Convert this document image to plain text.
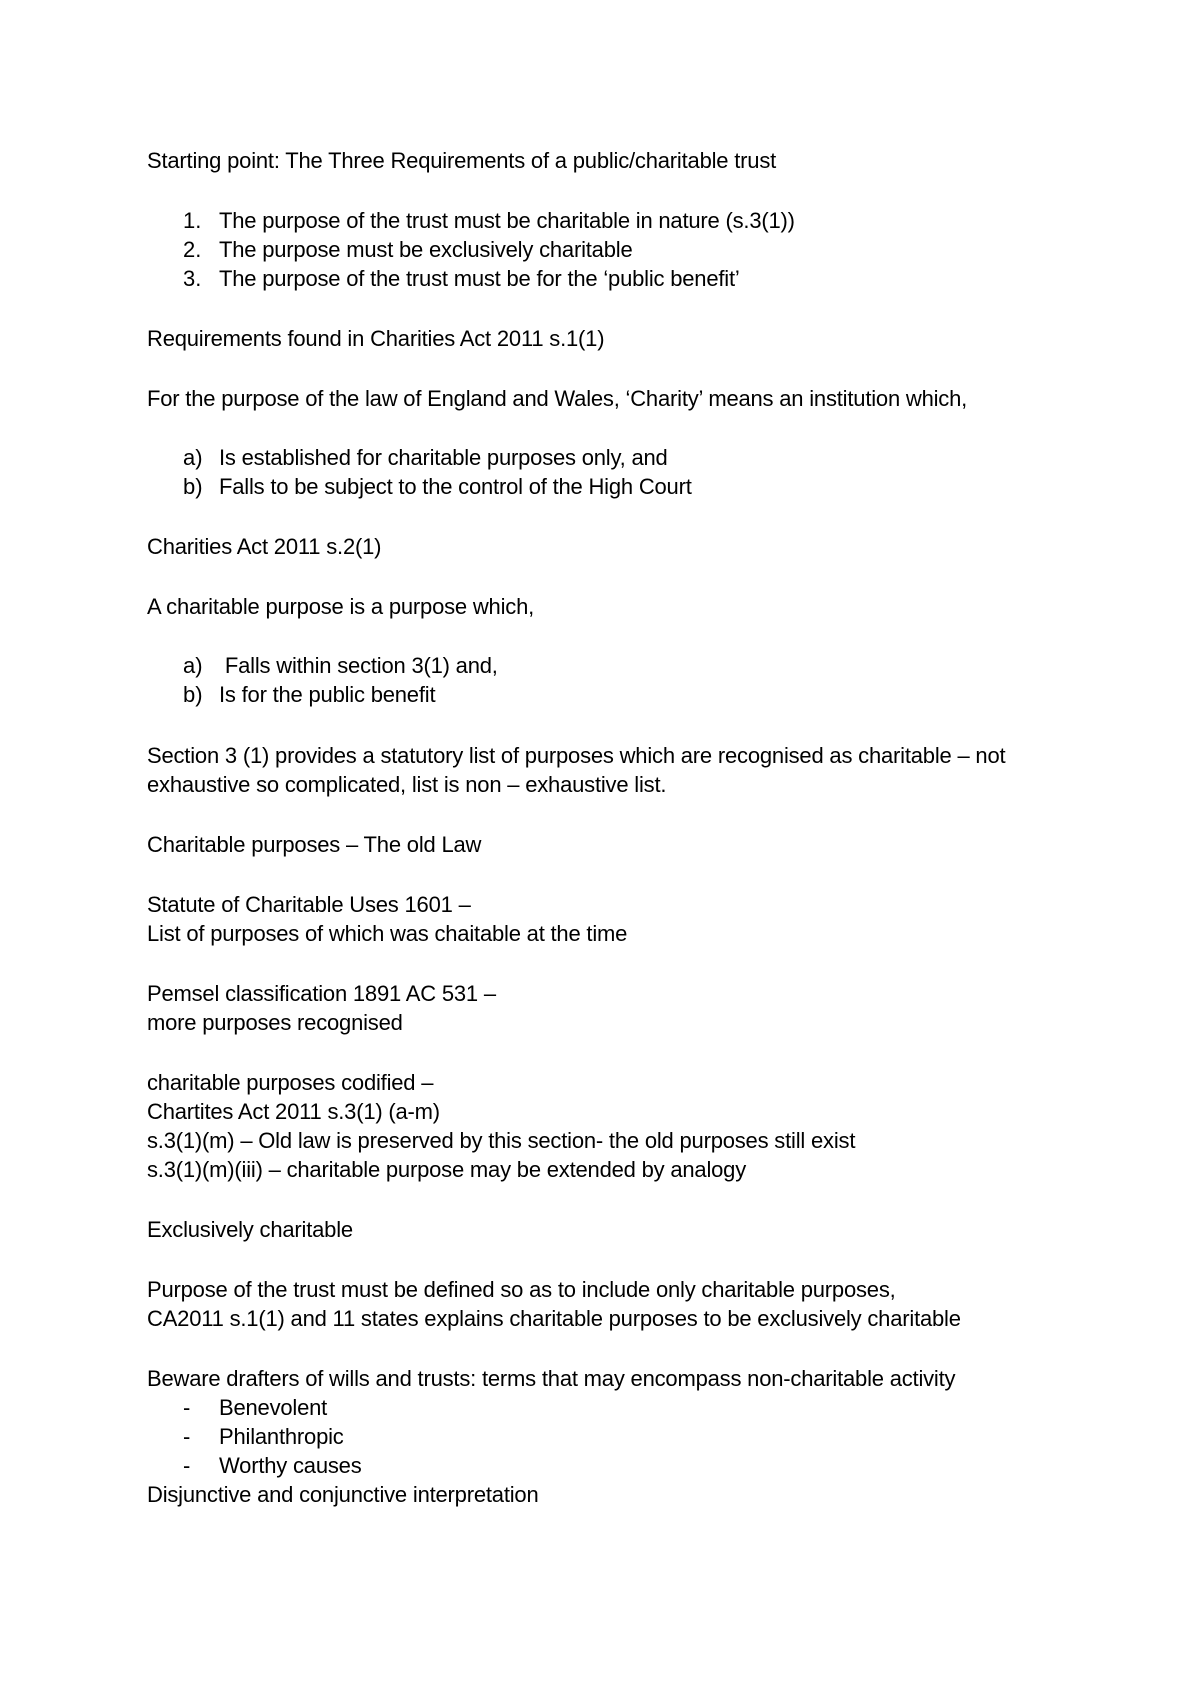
Starting point: The Three Requirements of a public/charitable trust
1. The purpose of the trust must be charitable in nature (s.3(1))
2. The purpose must be exclusively charitable
3. The purpose of the trust must be for the ‘public benefit’
Requirements found in Charities Act 2011 s.1(1)
For the purpose of the law of England and Wales, ‘Charity’ means an institution which,
a) Is established for charitable purposes only, and
b) Falls to be subject to the control of the High Court
Charities Act 2011 s.2(1)
A charitable purpose is a purpose which,
a) Falls within section 3(1) and,
b) Is for the public benefit
Section 3 (1) provides a statutory list of purposes which are recognised as charitable – not
exhaustive so complicated, list is non – exhaustive list.
Charitable purposes – The old Law
Statute of Charitable Uses 1601 –
List of purposes of which was chaitable at the time
Pemsel classification 1891 AC 531 –
more purposes recognised
charitable purposes codified –
Chartites Act 2011 s.3(1) (a-m)
s.3(1)(m) – Old law is preserved by this section- the old purposes still exist
s.3(1)(m)(iii) – charitable purpose may be extended by analogy
Exclusively charitable
Purpose of the trust must be defined so as to include only charitable purposes,
CA2011 s.1(1) and 11 states explains charitable purposes to be exclusively charitable
Beware drafters of wills and trusts: terms that may encompass non-charitable activity
- Benevolent
- Philanthropic
- Worthy causes
Disjunctive and conjunctive interpretation
